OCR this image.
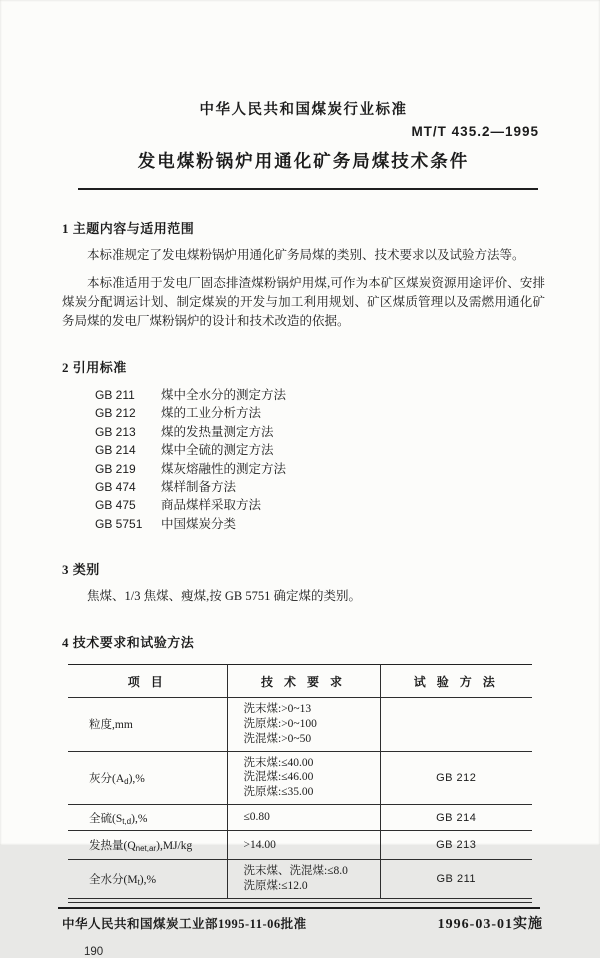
中华人民共和国煤炭行业标准
MT/T 435.2—1995
发电煤粉锅炉用通化矿务局煤技术条件
1 主题内容与适用范围

本标准规定了发电煤粉锅炉用通化矿务局煤的类别、技术要求以及试验方法等。

本标准适用于发电厂固态排渣煤粉锅炉用煤,可作为本矿区煤炭资源用途评价、安排煤炭分配调运计划、制定煤炭的开发与加工利用规划、矿区煤质管理以及需燃用通化矿务局煤的发电厂煤粉锅炉的设计和技术改造的依据。

2 引用标准
GB 211 煤中全水分的测定方法
GB 212 煤的工业分析方法
GB 213 煤的发热量测定方法
GB 214 煤中全硫的测定方法
GB 219 煤灰熔融性的测定方法
GB 474 煤样制备方法
GB 475 商品煤样采取方法
GB 5751 中国煤炭分类
3 类别

焦煤、1/3 焦煤、瘦煤,按 GB 5751 确定煤的类别。

4 技术要求和试验方法
项 目	技 术 要 求	试 验 方 法
粒度,mm	洗末煤:>0~13
洗原煤:>0~100
洗混煤:>0~50	

灰分$(A_d),\%$	洗末煤:≤40.00
洗混煤:≤46.00
洗原煤:≤35.00	GB 212
全硫$(S_{t,d}),\%$	≤0.80	GB 214
发热量$(Q_{net,ar}),MJ/kg$	>14.00	GB 213
全水分$(M_t),\%$	洗末煤、洗混煤:≤8.0
洗原煤:≤12.0	GB 211
中华人民共和国煤炭工业部1995-11-06批准	1996-03-01实施
190
